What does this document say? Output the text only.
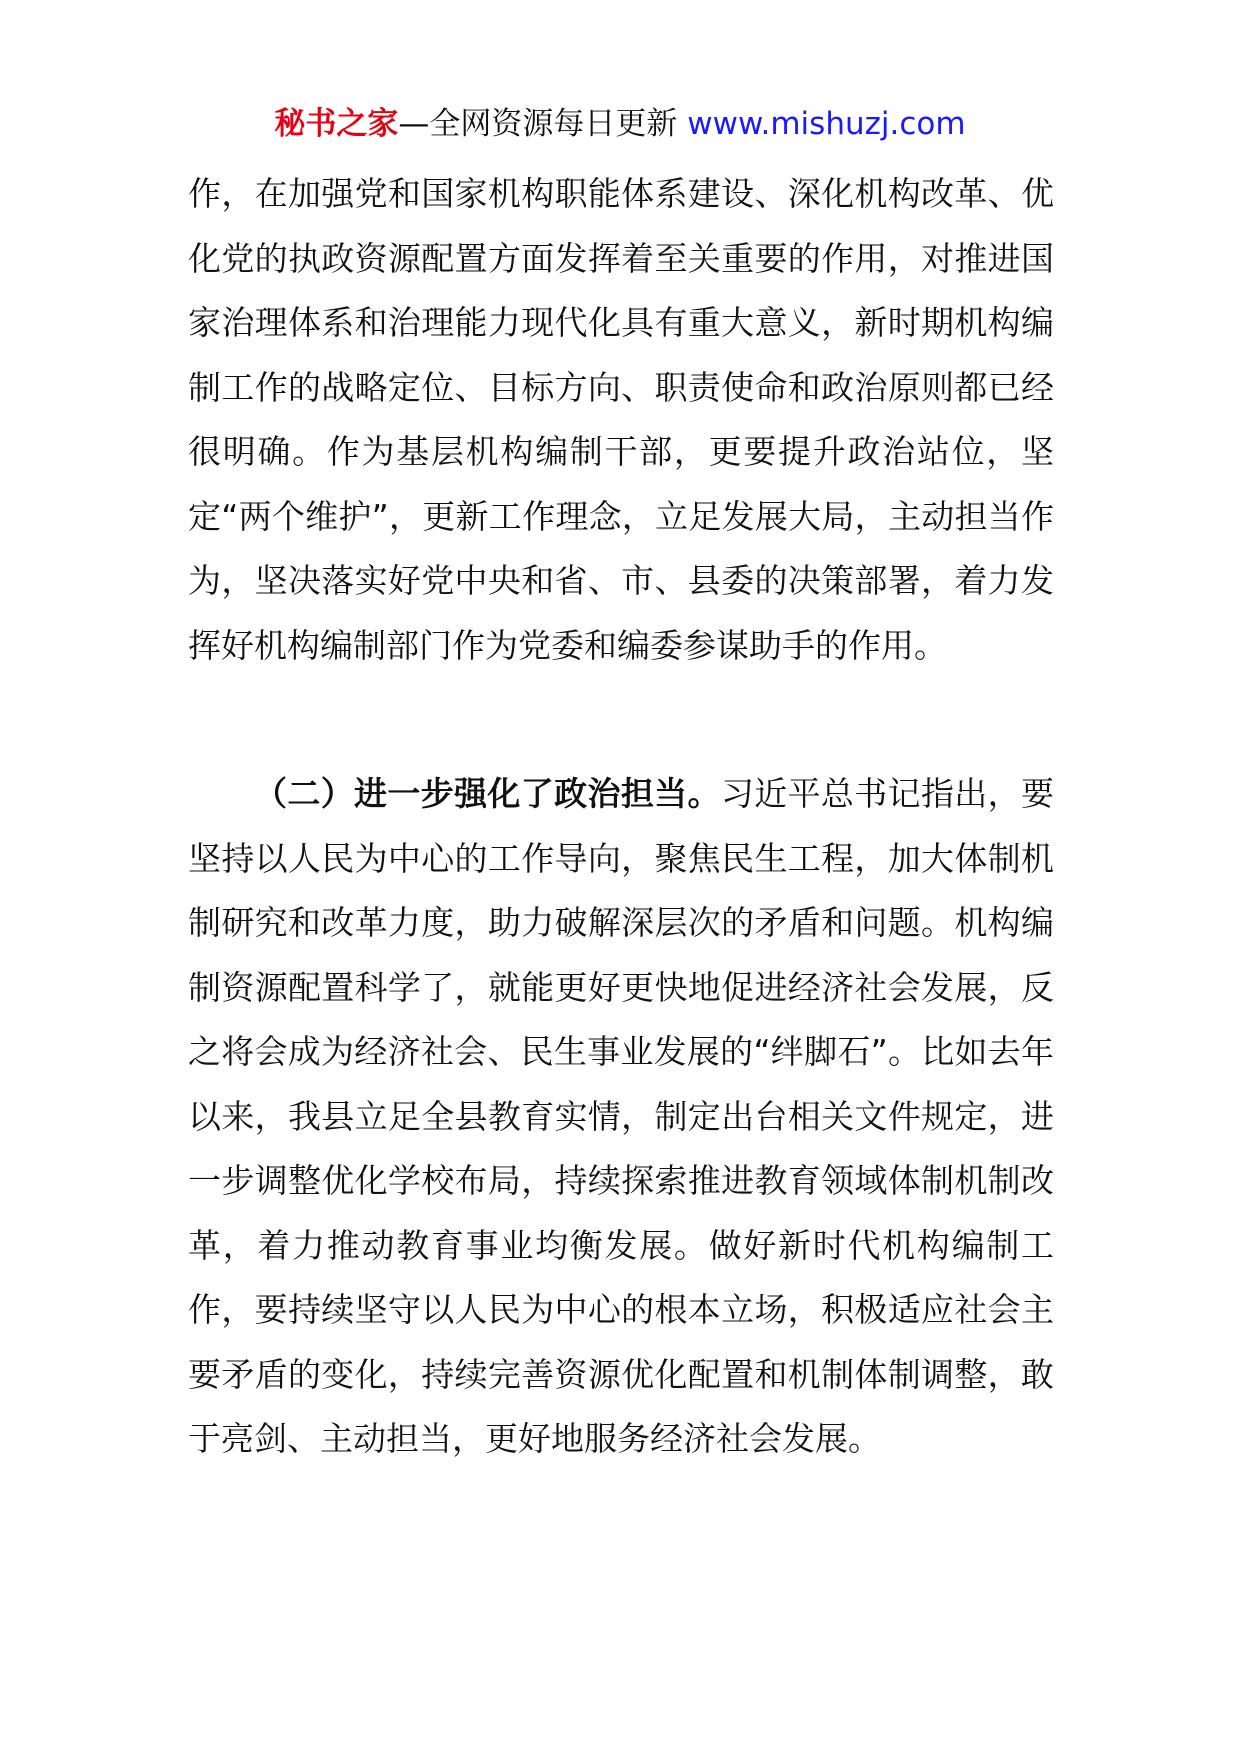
秘书之家—全网资源每日更新 www.mishuzj.com

作，在加强党和国家机构职能体系建设、深化机构改革、优化党的执政资源配置方面发挥着至关重要的作用，对推进国家治理体系和治理能力现代化具有重大意义，新时期机构编制工作的战略定位、目标方向、职责使命和政治原则都已经很明确。作为基层机构编制干部，更要提升政治站位，坚定“两个维护”，更新工作理念，立足发展大局，主动担当作为，坚决落实好党中央和省、市、县委的决策部署，着力发挥好机构编制部门作为党委和编委参谋助手的作用。

（二）进一步强化了政治担当。习近平总书记指出，要坚持以人民为中心的工作导向，聚焦民生工程，加大体制机制研究和改革力度，助力破解深层次的矛盾和问题。机构编制资源配置科学了，就能更好更快地促进经济社会发展，反之将会成为经济社会、民生事业发展的“绊脚石”。比如去年以来，我县立足全县教育实情，制定出台相关文件规定，进一步调整优化学校布局，持续探索推进教育领域体制机制改革，着力推动教育事业均衡发展。做好新时代机构编制工作，要持续坚守以人民为中心的根本立场，积极适应社会主要矛盾的变化，持续完善资源优化配置和机制体制调整，敢于亮剑、主动担当，更好地服务经济社会发展。
